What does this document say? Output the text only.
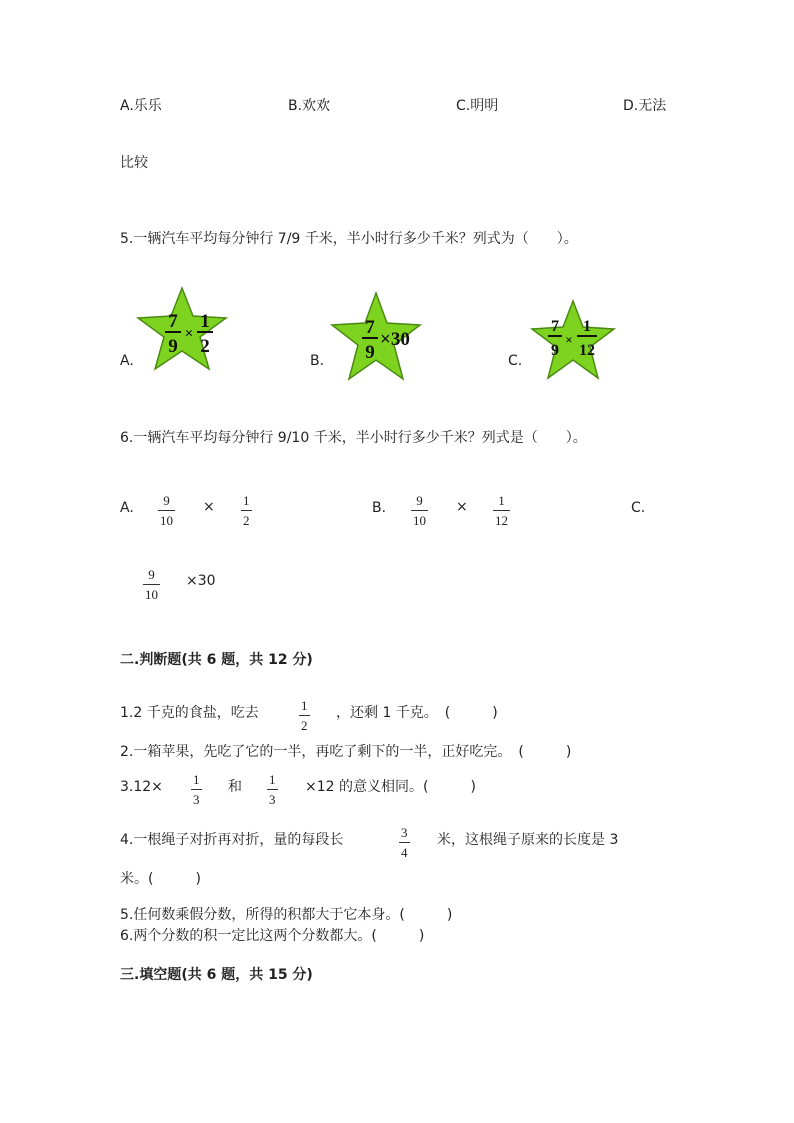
A.乐乐	B.欢欢	C.明明	D.无法
比较
5.一辆汽车平均每分钟行 7/9 千米，半小时行多少千米？列式为（　　）。
A.
7
9
×
1
2
B.
7
9
×30
C.
7
9
×
1
12
6.一辆汽车平均每分钟行 9/10 千米，半小时行多少千米？列式是（　　）。
A. 9
10
× 1
2
B. 9
10
× 1
12
C.
9
10
×30
二.判断题(共 6 题，共 12 分)
1.2 千克的食盐，吃去	1
2
，还剩 1 千克。　(　　　)
2.一箱苹果，先吃了它的一半，再吃了剩下的一半，正好吃完。　(　　　)
3.12× 1
3
和 1
3
×12 的意义相同。(　　　)
4.一根绳子对折再对折，量的每段长	3
4
米，这根绳子原来的长度是 3
米。(　　　)
5.任何数乘假分数，所得的积都大于它本身。(　　　)
6.两个分数的积一定比这两个分数都大。(　　　)
三.填空题(共 6 题，共 15 分)
